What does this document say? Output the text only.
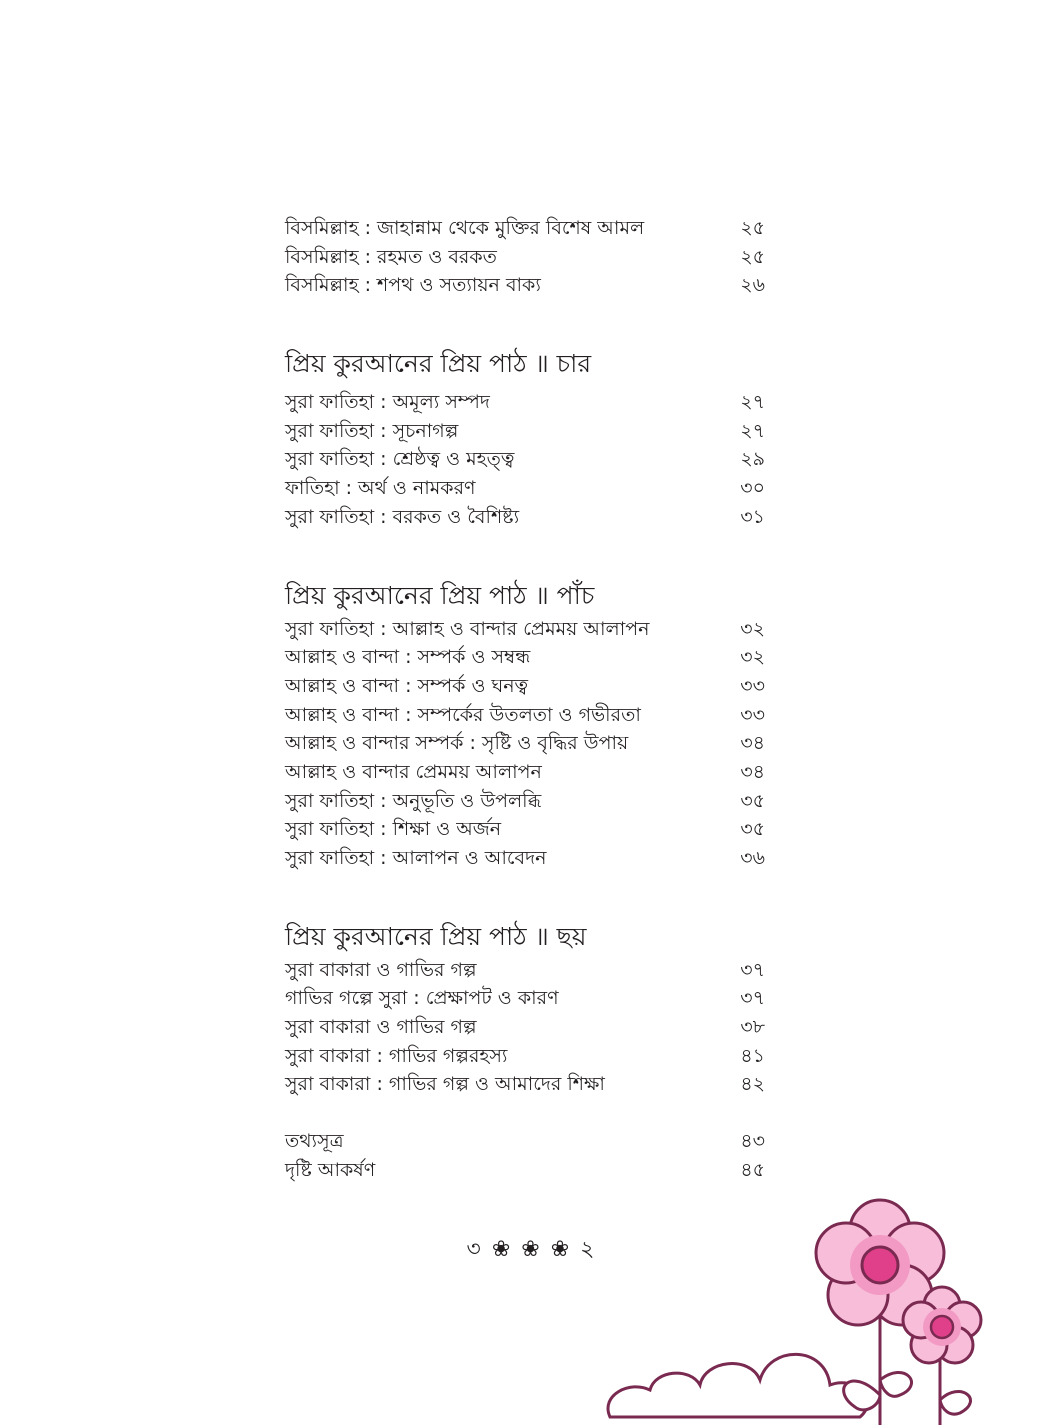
বিসমিল্লাহ : জাহান্নাম থেকে মুক্তির বিশেষ আমল	২৫
বিসমিল্লাহ : রহমত ও বরকত	২৫
বিসমিল্লাহ : শপথ ও সত্যায়ন বাক্য	২৬
প্রিয় কুরআনের প্রিয় পাঠ ॥ চার
সুরা ফাতিহা : অমূল্য সম্পদ	২৭
সুরা ফাতিহা : সূচনাগল্প	২৭
সুরা ফাতিহা : শ্রেষ্ঠত্ব ও মহত্ত্ব	২৯
ফাতিহা : অর্থ ও নামকরণ	৩০
সুরা ফাতিহা : বরকত ও বৈশিষ্ট্য	৩১
প্রিয় কুরআনের প্রিয় পাঠ ॥ পাঁচ
সুরা ফাতিহা : আল্লাহ ও বান্দার প্রেমময় আলাপন	৩২
আল্লাহ ও বান্দা : সম্পর্ক ও সম্বন্ধ	৩২
আল্লাহ ও বান্দা : সম্পর্ক ও ঘনত্ব	৩৩
আল্লাহ ও বান্দা : সম্পর্কের উতলতা ও গভীরতা	৩৩
আল্লাহ ও বান্দার সম্পর্ক : সৃষ্টি ও বৃদ্ধির উপায়	৩৪
আল্লাহ ও বান্দার প্রেমময় আলাপন	৩৪
সুরা ফাতিহা : অনুভূতি ও উপলব্ধি	৩৫
সুরা ফাতিহা : শিক্ষা ও অর্জন	৩৫
সুরা ফাতিহা : আলাপন ও আবেদন	৩৬
প্রিয় কুরআনের প্রিয় পাঠ ॥ ছয়
সুরা বাকারা ও গাভির গল্প	৩৭
গাভির গল্পে সুরা : প্রেক্ষাপট ও কারণ	৩৭
সুরা বাকারা ও গাভির গল্প	৩৮
সুরা বাকারা : গাভির গল্পরহস্য	৪১
সুরা বাকারা : গাভির গল্প ও আমাদের শিক্ষা	৪২
তথ্যসূত্র	৪৩
দৃষ্টি আকর্ষণ	৪৫
৩ ❀ ❀ ❀ ২
